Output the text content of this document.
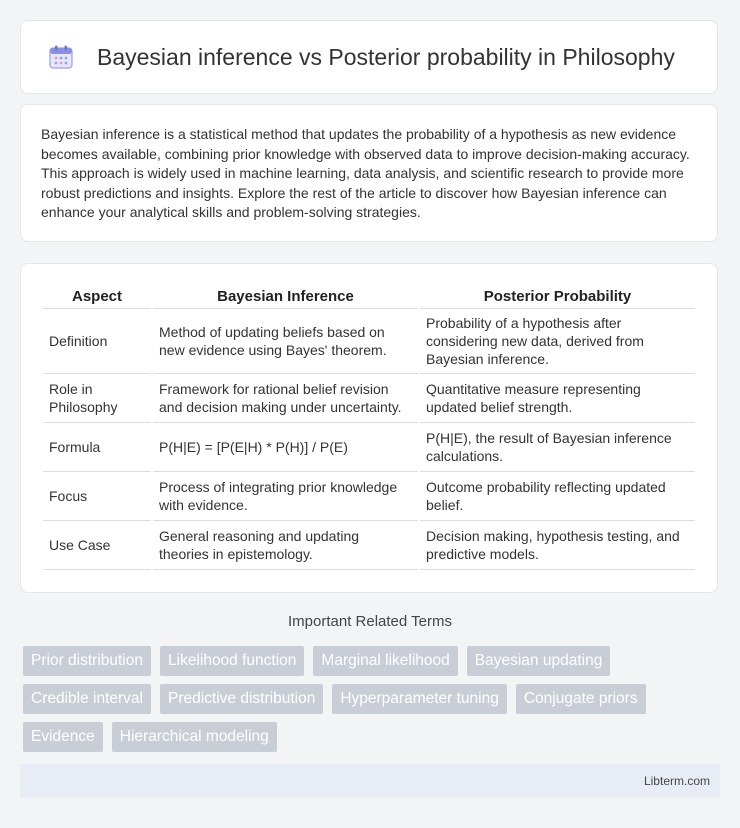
Bayesian inference vs Posterior probability in Philosophy

Bayesian inference is a statistical method that updates the probability of a hypothesis as new evidence becomes available, combining prior knowledge with observed data to improve decision-making accuracy. This approach is widely used in machine learning, data analysis, and scientific research to provide more robust predictions and insights. Explore the rest of the article to discover how Bayesian inference can enhance your analytical skills and problem-solving strategies.

Aspect	Bayesian Inference	Posterior Probability
Definition	Method of updating beliefs based on new evidence using Bayes' theorem.	Probability of a hypothesis after considering new data, derived from Bayesian inference.
Role in Philosophy	Framework for rational belief revision and decision making under uncertainty.	Quantitative measure representing updated belief strength.
Formula	P(H|E) = [P(E|H) * P(H)] / P(E)	P(H|E), the result of Bayesian inference calculations.
Focus	Process of integrating prior knowledge with evidence.	Outcome probability reflecting updated belief.
Use Case	General reasoning and updating theories in epistemology.	Decision making, hypothesis testing, and predictive models.
Important Related Terms
Prior distribution	Likelihood function	Marginal likelihood	Bayesian updating
Credible interval	Predictive distribution	Hyperparameter tuning	Conjugate priors
Evidence	Hierarchical modeling
Libterm.com
